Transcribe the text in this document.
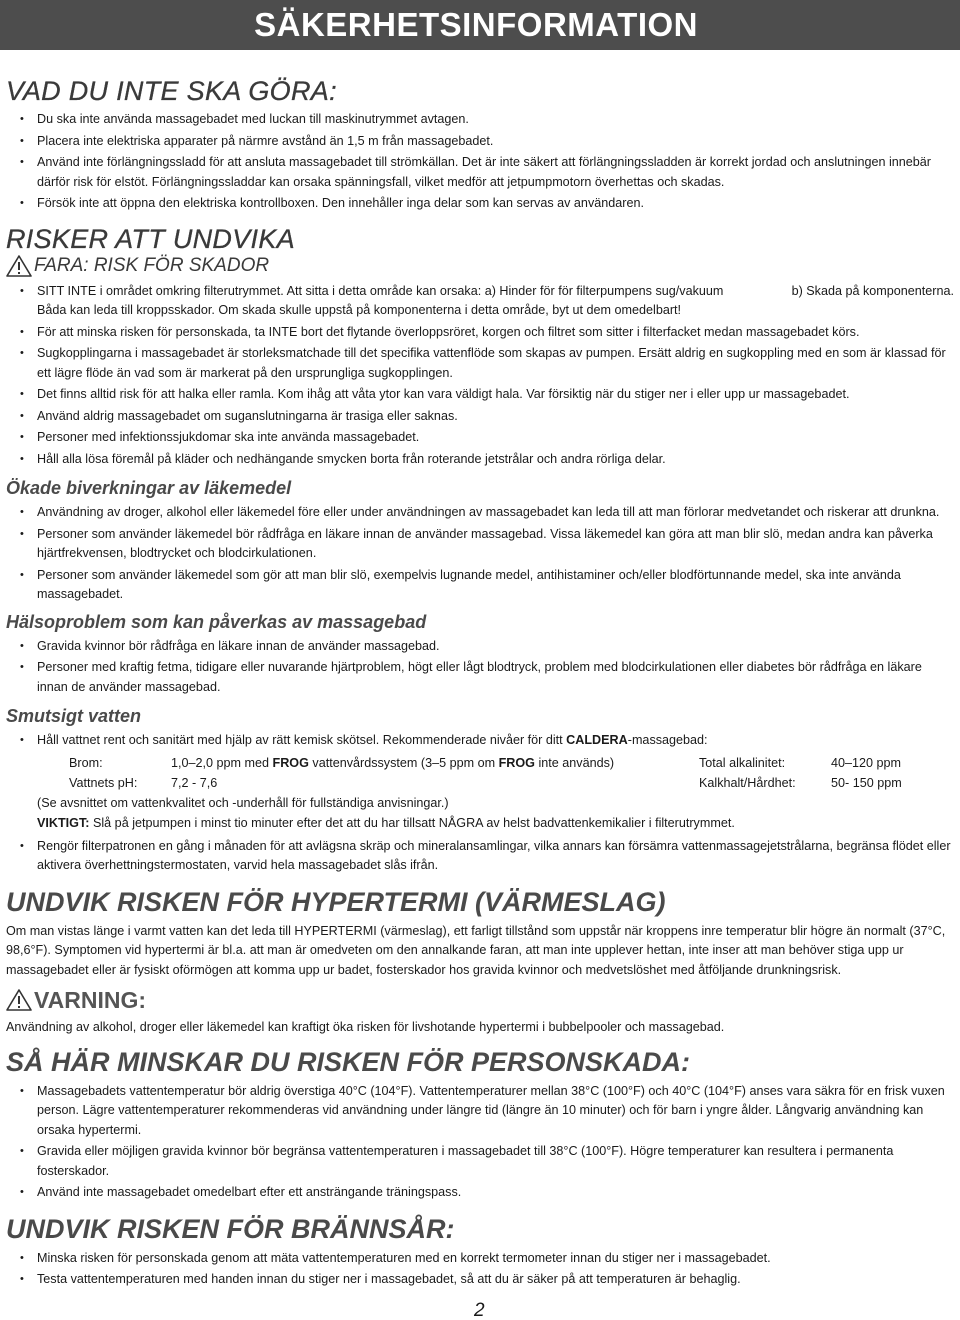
SÄKERHETSINFORMATION
VAD DU INTE SKA GÖRA:
• Du ska inte använda massagebadet med luckan till maskinutrymmet avtagen.
• Placera inte elektriska apparater på närmre avstånd än 1,5 m från massagebadet.
• Använd inte förlängningssladd för att ansluta massagebadet till strömkällan. Det är inte säkert att förlängningssladden är korrekt jordad och anslutningen innebär därför risk för elstöt. Förlängningssladdar kan orsaka spänningsfall, vilket medför att jetpumpmotorn överhettas och skadas.
• Försök inte att öppna den elektriska kontrollboxen. Den innehåller inga delar som kan servas av användaren.
RISKER ATT UNDVIKA
FARA: RISK FÖR SKADOR
• SITT INTE i området omkring filterutrymmet. Att sitta i detta område kan orsaka: a) Hinder för för filterpumpens sug/vakuum	b) Skada på komponenterna.
Båda kan leda till kroppsskador. Om skada skulle uppstå på komponenterna i detta område, byt ut dem omedelbart!
• För att minska risken för personskada, ta INTE bort det flytande överloppsröret, korgen och filtret som sitter i filterfacket medan massagebadet körs.
• Sugkopplingarna i massagebadet är storleksmatchade till det specifika vattenflöde som skapas av pumpen. Ersätt aldrig en sugkoppling med en som är klassad för ett lägre flöde än vad som är markerat på den ursprungliga sugkopplingen.
• Det finns alltid risk för att halka eller ramla. Kom ihåg att våta ytor kan vara väldigt hala. Var försiktig när du stiger ner i eller upp ur massagebadet.
• Använd aldrig massagebadet om suganslutningarna är trasiga eller saknas.
• Personer med infektionssjukdomar ska inte använda massagebadet.
• Håll alla lösa föremål på kläder och nedhängande smycken borta från roterande jetstrålar och andra rörliga delar.
Ökade biverkningar av läkemedel
• Användning av droger, alkohol eller läkemedel före eller under användningen av massagebadet kan leda till att man förlorar medvetandet och riskerar att drunkna.
• Personer som använder läkemedel bör rådfråga en läkare innan de använder massagebad. Vissa läkemedel kan göra att man blir slö, medan andra kan påverka hjärtfrekvensen, blodtrycket och blodcirkulationen.
• Personer som använder läkemedel som gör att man blir slö, exempelvis lugnande medel, antihistaminer och/eller blodförtunnande medel, ska inte använda massagebadet.
Hälsoproblem som kan påverkas av massagebad
• Gravida kvinnor bör rådfråga en läkare innan de använder massagebad.
• Personer med kraftig fetma, tidigare eller nuvarande hjärtproblem, högt eller lågt blodtryck, problem med blodcirkulationen eller diabetes bör rådfråga en läkare innan de använder massagebad.
Smutsigt vatten
• Håll vattnet rent och sanitärt med hjälp av rätt kemisk skötsel. Rekommenderade nivåer för ditt CALDERA-massagebad:
Brom:	1,0–2,0 ppm med FROG vattenvårdssystem (3–5 ppm om FROG inte används)	Total alkalinitet:	40–120 ppm
Vattnets pH:	7,2 - 7,6	Kalkhalt/Hårdhet:	50- 150 ppm
(Se avsnittet om vattenkvalitet och -underhåll för fullständiga anvisningar.)
VIKTIGT: Slå på jetpumpen i minst tio minuter efter det att du har tillsatt NÅGRA av helst badvattenkemikalier i filterutrymmet.
• Rengör filterpatronen en gång i månaden för att avlägsna skräp och mineralansamlingar, vilka annars kan försämra vattenmassagejetstrålarna, begränsa flödet eller aktivera överhettningstermostaten, varvid hela massagebadet slås ifrån.
UNDVIK RISKEN FÖR HYPERTERMI (VÄRMESLAG)

Om man vistas länge i varmt vatten kan det leda till HYPERTERMI (värmeslag), ett farligt tillstånd som uppstår när kroppens inre temperatur blir högre än normalt (37°C, 98,6°F). Symptomen vid hypertermi är bl.a. att man är omedveten om den annalkande faran, att man inte upplever hettan, inte inser att man behöver stiga upp ur massagebadet eller är fysiskt oförmögen att komma upp ur badet, fosterskador hos gravida kvinnor och medvetslöshet med åtföljande drunkningsrisk.

VARNING:

Användning av alkohol, droger eller läkemedel kan kraftigt öka risken för livshotande hypertermi i bubbelpooler och massagebad.

SÅ HÄR MINSKAR DU RISKEN FÖR PERSONSKADA:
• Massagebadets vattentemperatur bör aldrig överstiga 40°C (104°F). Vattentemperaturer mellan 38°C (100°F) och 40°C (104°F) anses vara säkra för en frisk vuxen person. Lägre vattentemperaturer rekommenderas vid användning under längre tid (längre än 10 minuter) och för barn i yngre ålder. Långvarig användning kan orsaka hypertermi.
• Gravida eller möjligen gravida kvinnor bör begränsa vattentemperaturen i massagebadet till 38°C (100°F). Högre temperaturer kan resultera i permanenta fosterskador.
• Använd inte massagebadet omedelbart efter ett ansträngande träningspass.
UNDVIK RISKEN FÖR BRÄNNSÅR:
• Minska risken för personskada genom att mäta vattentemperaturen med en korrekt termometer innan du stiger ner i massagebadet.
• Testa vattentemperaturen med handen innan du stiger ner i massagebadet, så att du är säker på att temperaturen är behaglig.
2
